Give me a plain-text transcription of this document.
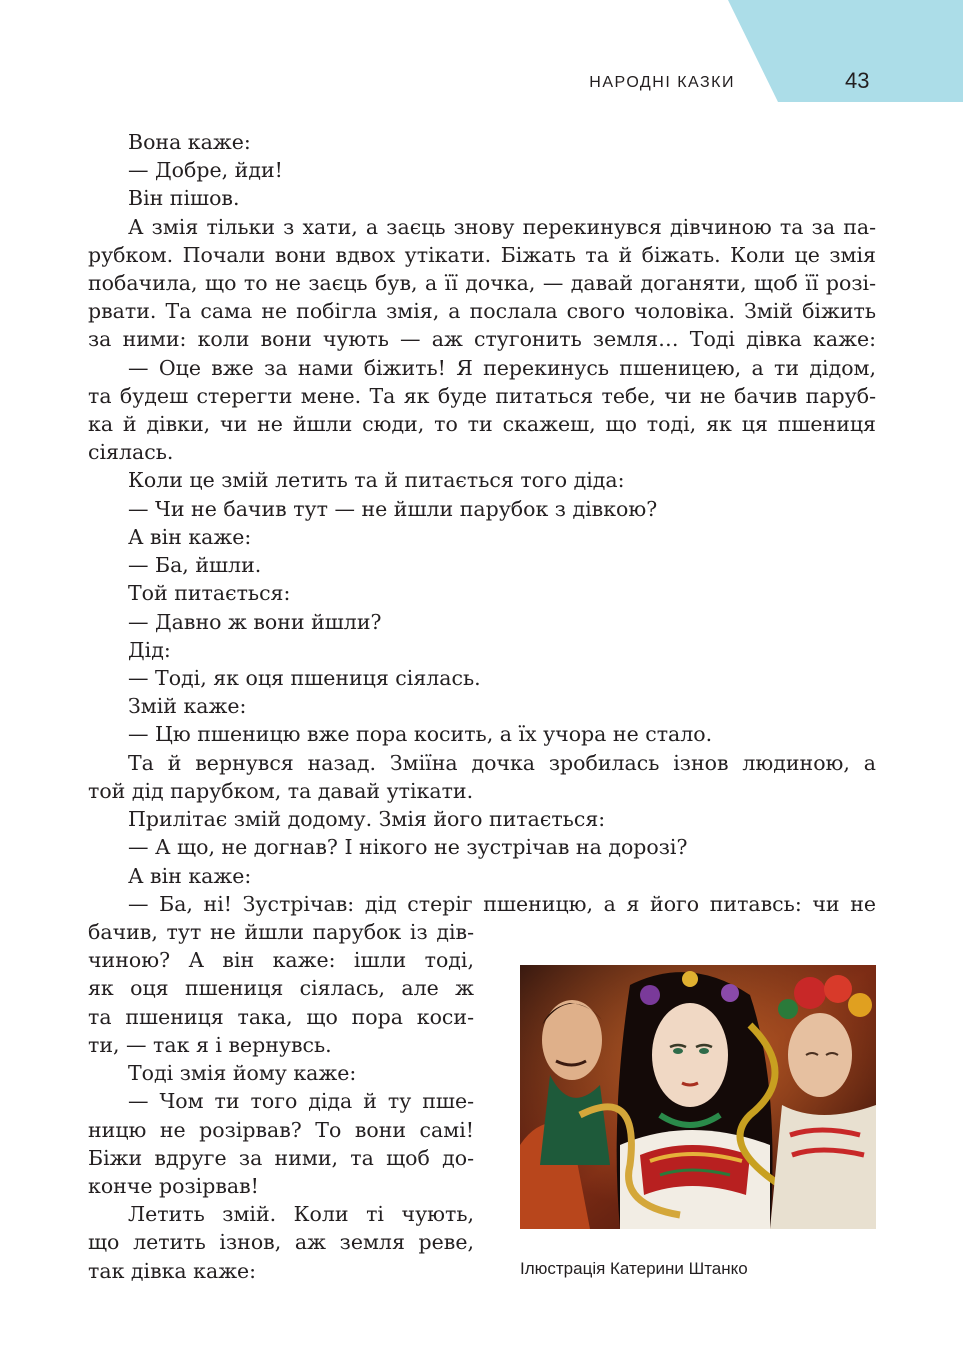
НАРОДНІ КАЗКИ	43

Вона каже:

— Добре, йди!

Він пішов.

А змія тільки з хати, а заєць знову перекинувся дівчиною та за па-

рубком. Почали вони вдвох утікати. Біжать та й біжать. Коли це змія

побачила, що то не заєць був, а її дочка, — давай доганяти, щоб її розі-

рвати. Та сама не побігла змія, а послала свого чоловіка. Змій біжить

за ними: коли вони чують — аж стугонить земля… Тоді дівка каже:

— Оце вже за нами біжить! Я перекинусь пшеницею, а ти дідом,

та будеш стерегти мене. Та як буде питаться тебе, чи не бачив паруб-

ка й дівки, чи не йшли сюди, то ти скажеш, що тоді, як ця пшениця

сіялась.

Коли це змій летить та й питається того діда:

— Чи не бачив тут — не йшли парубок з дівкою?

А він каже:

— Ба, йшли.

Той питається:

— Давно ж вони йшли?

Дід:

— Тоді, як оця пшениця сіялась.

Змій каже:

— Цю пшеницю вже пора косить, а їх учора не стало.

Та й вернувся назад. Зміїна дочка зробилась ізнов людиною, а

той дід парубком, та давай утікати.

Прилітає змій додому. Змія його питається:

— А що, не догнав? І нікого не зустрічав на дорозі?

А він каже:

— Ба, ні! Зустрічав: дід стеріг пшеницю, а я його питавсь: чи не

бачив, тут не йшли парубок із дів-

чиною? А він каже: ішли тоді,

як оця пшениця сіялась, але ж

та пшениця така, що пора коси-

ти, — так я і вернувсь.

Тоді змія йому каже:

— Чом ти того діда й ту пше-

ницю не розірвав? То вони самі!

Біжи вдруге за ними, та щоб до-

конче розірвав!

Летить змій. Коли ті чують,

що летить ізнов, аж земля реве,

так дівка каже:	Ілюстрація Катерини Штанко
